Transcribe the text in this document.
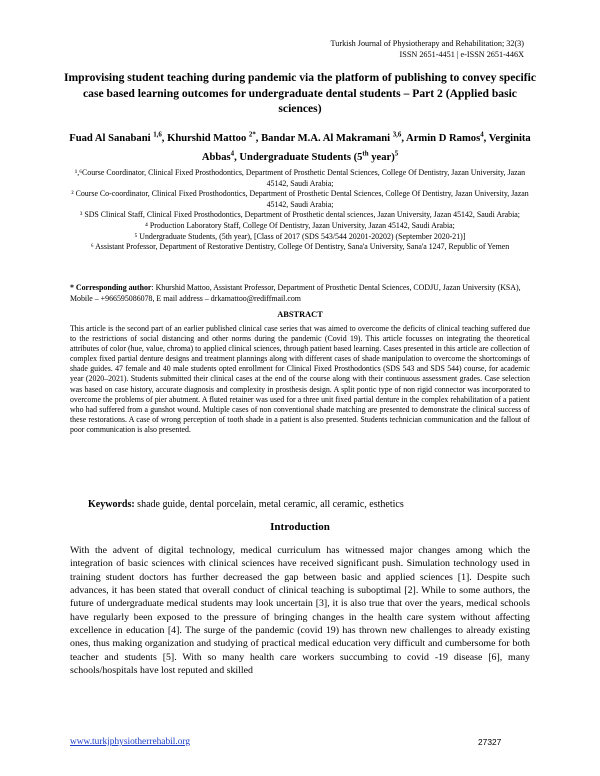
Turkish Journal of Physiotherapy and Rehabilitation; 32(3)
ISSN 2651-4451 | e-ISSN 2651-446X
Improvising student teaching during pandemic via the platform of publishing to convey specific case based learning outcomes for undergraduate dental students – Part 2 (Applied basic sciences)
Fuad Al Sanabani $^{1,6}$, Khurshid Mattoo $^{2*}$, Bandar M.A. Al Makramani $^{3,6}$, Armin D Ramos$^4$, Verginita Abbas$^4$, Undergraduate Students (5th year)$^5$
¹,⁶Course Coordinator, Clinical Fixed Prosthodontics, Department of Prosthetic Dental Sciences, College Of Dentistry, Jazan University, Jazan 45142, Saudi Arabia;
² Course Co-coordinator, Clinical Fixed Prosthodontics, Department of Prosthetic Dental Sciences, College Of Dentistry, Jazan University, Jazan 45142, Saudi Arabia;
³ SDS Clinical Staff, Clinical Fixed Prosthodontics, Department of Prosthetic dental sciences, Jazan University, Jazan 45142, Saudi Arabia;
⁴ Production Laboratory Staff, College Of Dentistry, Jazan University, Jazan 45142, Saudi Arabia;
⁵ Undergraduate Students, (5th year), [Class of 2017 (SDS 543/544 20201-20202) (September 2020-21)]
⁶ Assistant Professor, Department of Restorative Dentistry, College Of Dentistry, Sana'a University, Sana'a 1247, Republic of Yemen
* Corresponding author: Khurshid Mattoo, Assistant Professor, Department of Prosthetic Dental Sciences, CODJU, Jazan University (KSA), Mobile – +966595086078, E mail address – drkamattoo@rediffmail.com
ABSTRACT
This article is the second part of an earlier published clinical case series that was aimed to overcome the deficits of clinical teaching suffered due to the restrictions of social distancing and other norms during the pandemic (Covid 19). This article focusses on integrating the theoretical attributes of color (hue, value, chroma) to applied clinical sciences, through patient based learning. Cases presented in this article are collection of complex fixed partial denture designs and treatment plannings along with different cases of shade manipulation to overcome the shortcomings of shade guides. 47 female and 40 male students opted enrollment for Clinical Fixed Prosthodontics (SDS 543 and SDS 544) course, for academic year (2020–2021). Students submitted their clinical cases at the end of the course along with their continuous assessment grades. Case selection was based on case history, accurate diagnosis and complexity in prosthesis design. A split pontic type of non rigid connector was incorporated to overcome the problems of pier abutment. A fluted retainer was used for a three unit fixed partial denture in the complex rehabilitation of a patient who had suffered from a gunshot wound. Multiple cases of non conventional shade matching are presented to demonstrate the clinical success of these restorations. A case of wrong perception of tooth shade in a patient is also presented. Students technician communication and the fallout of poor communication is also presented.
Keywords: shade guide, dental porcelain, metal ceramic, all ceramic, esthetics
Introduction
With the advent of digital technology, medical curriculum has witnessed major changes among which the integration of basic sciences with clinical sciences have received significant push. Simulation technology used in training student doctors has further decreased the gap between basic and applied sciences [1]. Despite such advances, it has been stated that overall conduct of clinical teaching is suboptimal [2]. While to some authors, the future of undergraduate medical students may look uncertain [3], it is also true that over the years, medical schools have regularly been exposed to the pressure of bringing changes in the health care system without affecting excellence in education [4]. The surge of the pandemic (covid 19) has thrown new challenges to already existing ones, thus making organization and studying of practical medical education very difficult and cumbersome for both teacher and students [5]. With so many health care workers succumbing to covid -19 disease [6], many schools/hospitals have lost reputed and skilled
www.turkjphysiotherrehabil.org	27327
